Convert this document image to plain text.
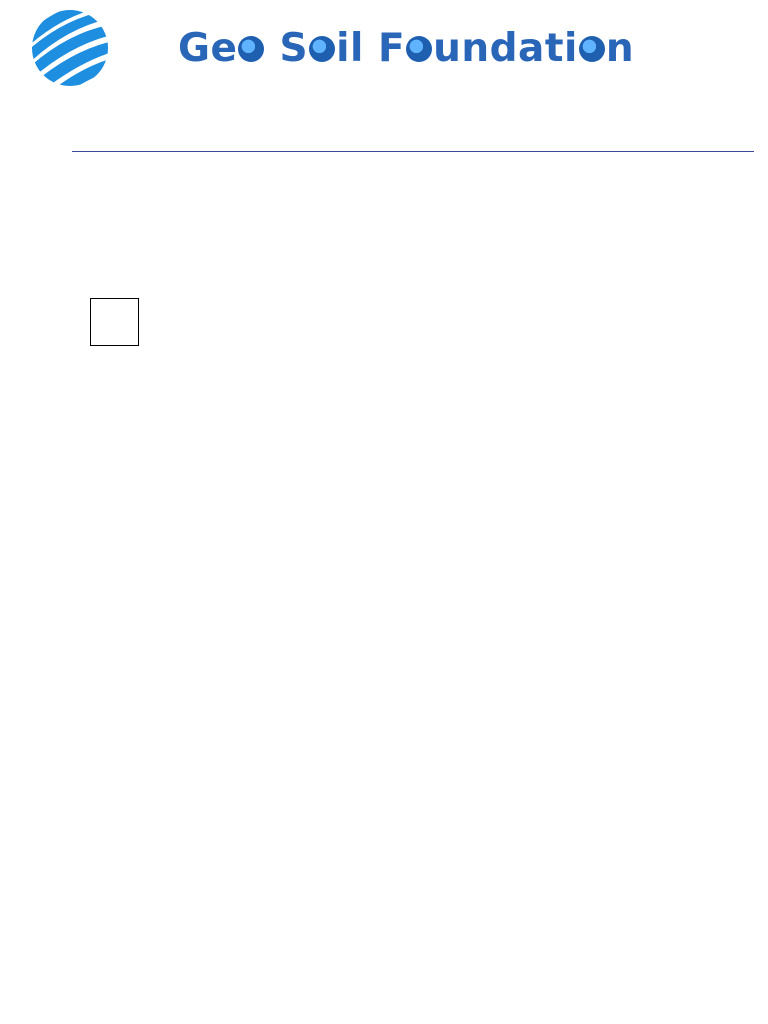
Ge S il F undati n
